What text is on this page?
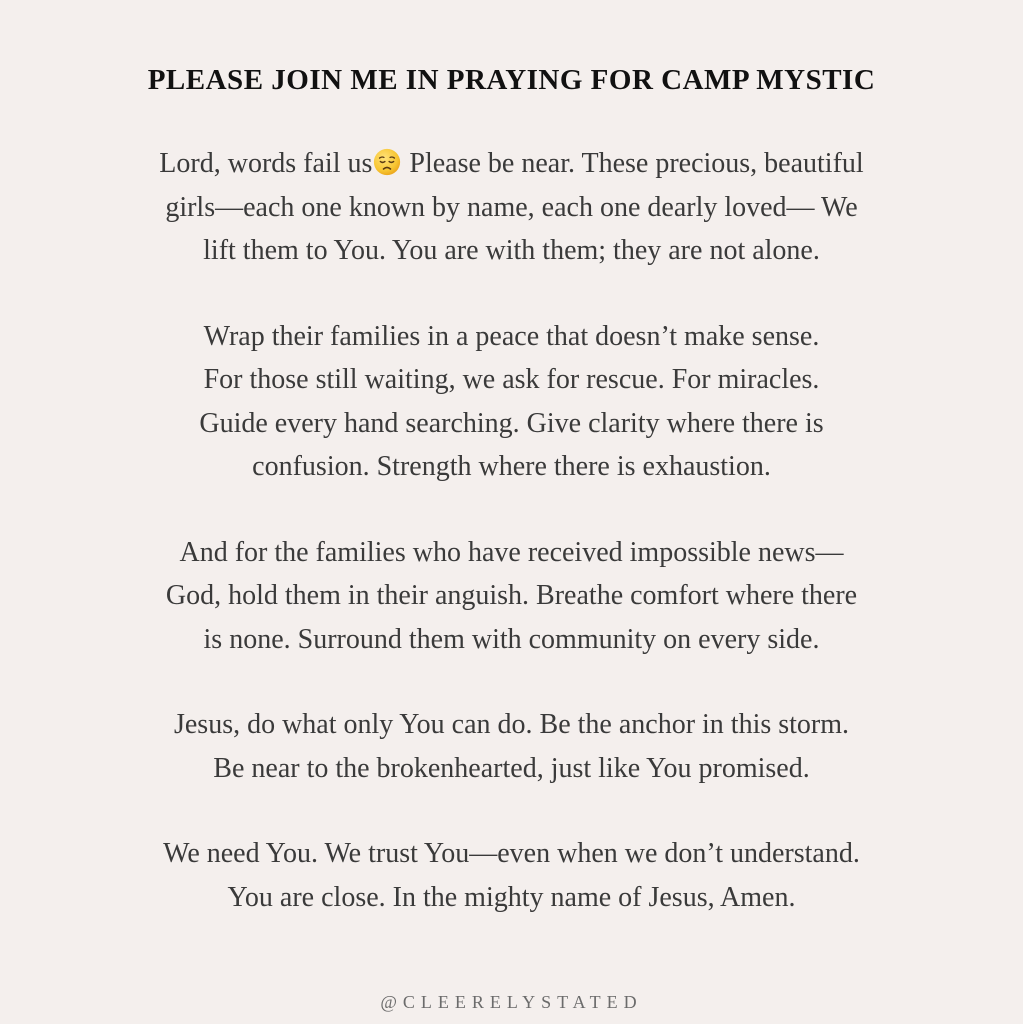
PLEASE JOIN ME IN PRAYING FOR CAMP MYSTIC

Lord, words fail us Please be near. These precious, beautiful
girls—each one known by name, each one dearly loved— We
lift them to You. You are with them; they are not alone.

Wrap their families in a peace that doesn’t make sense.
For those still waiting, we ask for rescue. For miracles.
Guide every hand searching. Give clarity where there is
confusion. Strength where there is exhaustion.

And for the families who have received impossible news—
God, hold them in their anguish. Breathe comfort where there
is none. Surround them with community on every side.

Jesus, do what only You can do. Be the anchor in this storm.
Be near to the brokenhearted, just like You promised.

We need You. We trust You—even when we don’t understand.
You are close. In the mighty name of Jesus, Amen.

@CLEERELYSTATED
